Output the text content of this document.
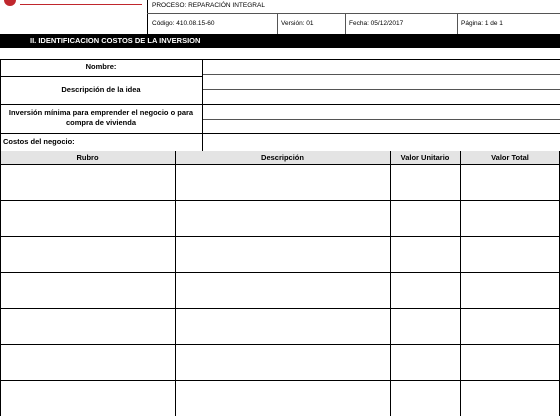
PROCESO: REPARACIÓN INTEGRAL
Código: 410.08.15-60	Versión: 01	Fecha: 05/12/2017	Página: 1 de 1
II. IDENTIFICACION COSTOS DE LA INVERSION
Nombre:
Descripción de la idea
Inversión mínima para emprender el negocio o para compra de vivienda
Costos del negocio:
Rubro	Descripción	Valor Unitario	Valor Total
